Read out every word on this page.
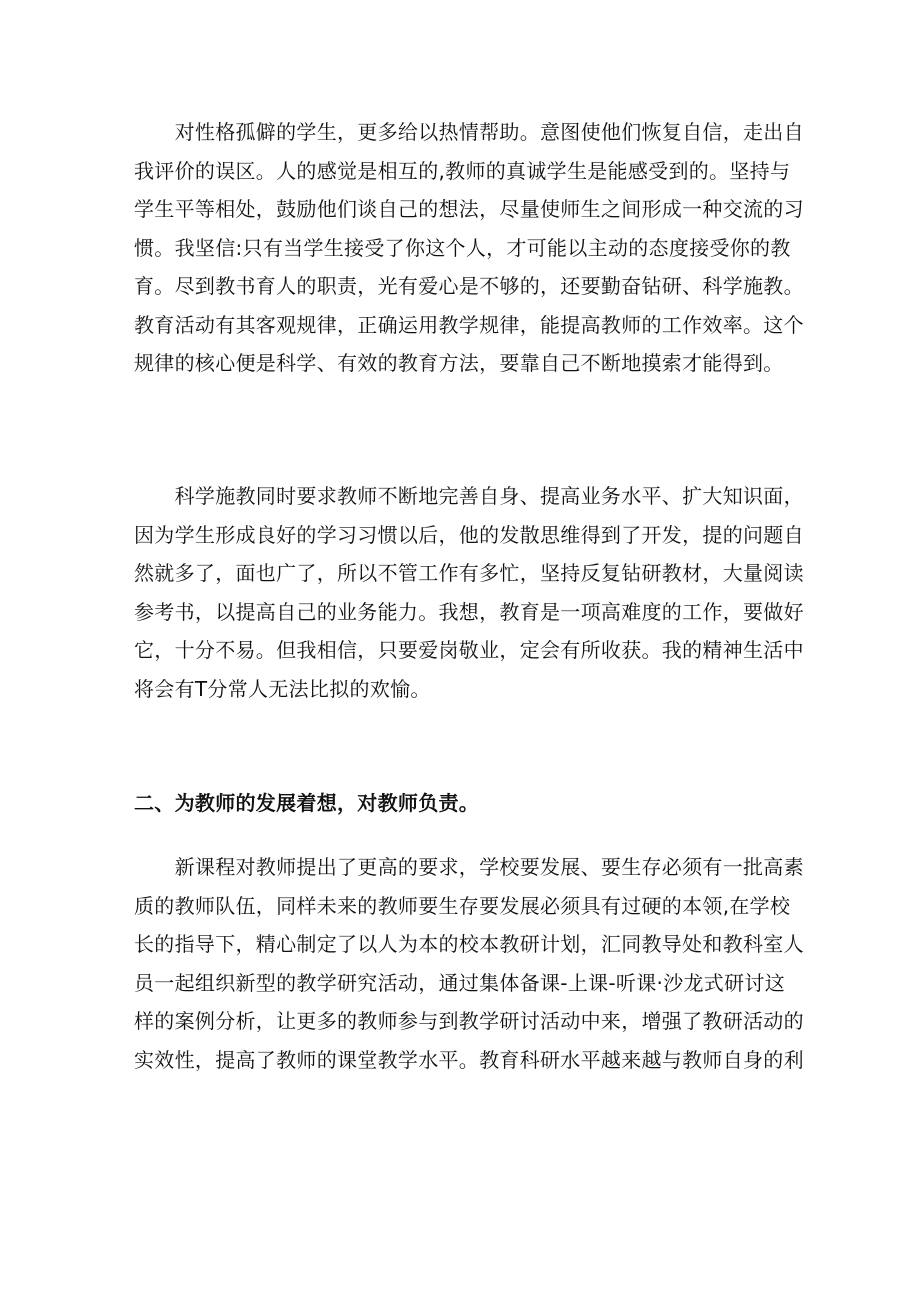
　　对性格孤僻的学生，更多给以热情帮助。意图使他们恢复自信，走出自
我评价的误区。人的感觉是相互的,教师的真诚学生是能感受到的。坚持与
学生平等相处，鼓励他们谈自己的想法，尽量使师生之间形成一种交流的习
惯。我坚信:只有当学生接受了你这个人，才可能以主动的态度接受你的教
育。尽到教书育人的职责，光有爱心是不够的，还要勤奋钻研、科学施教。
教育活动有其客观规律，正确运用教学规律，能提高教师的工作效率。这个
规律的核心便是科学、有效的教育方法，要靠自己不断地摸索才能得到。
　　科学施教同时要求教师不断地完善自身、提高业务水平、扩大知识面，
因为学生形成良好的学习习惯以后，他的发散思维得到了开发，提的问题自
然就多了，面也广了，所以不管工作有多忙，坚持反复钻研教材，大量阅读
参考书，以提高自己的业务能力。我想，教育是一项高难度的工作，要做好
它，十分不易。但我相信，只要爱岗敬业，定会有所收获。我的精神生活中
将会有T分常人无法比拟的欢愉。
二、为教师的发展着想，对教师负责。
　　新课程对教师提出了更高的要求，学校要发展、要生存必须有一批高素
质的教师队伍，同样未来的教师要生存要发展必须具有过硬的本领,在学校
长的指导下，精心制定了以人为本的校本教研计划，汇同教导处和教科室人
员一起组织新型的教学研究活动，通过集体备课-上课-听课·沙龙式研讨这
样的案例分析，让更多的教师参与到教学研讨活动中来，增强了教研活动的
实效性，提高了教师的课堂教学水平。教育科研水平越来越与教师自身的利
